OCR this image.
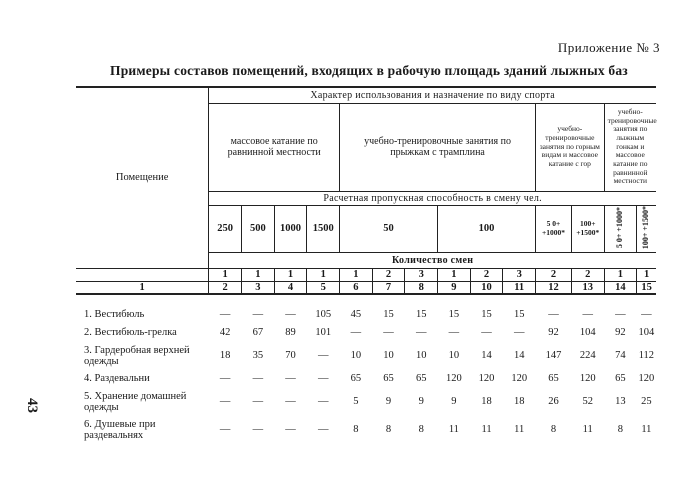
Приложение № 3
Примеры составов помещений, входящих в рабочую площадь зданий лыжных баз
43
Помещение	Характер использования и назначение по виду спорта													
	массовое катание по равнинной местности				учебно-тренировочные занятия по прыжкам с трамплина						учебно-тренировочные занятия по горным видам и массовое катание с гор		учебно-тренировочные занятия по лыжным гонкам и массовое катание по равнинной местности	
	Расчетная пропускная способность в смену чел.													
	250	500	1000	1500	50			100			5 0+ +1000*	100+ +1500*	5 0+ +1000*	100+ +1500*
	Количество смен													
	1	1	1	1	1	2	3	1	2	3	2	2	1	1
1	2	3	4	5	6	7	8	9	10	11	12	13	14	15

1. Вестибюль	—	—	—	105	45	15	15	15	15	15	—	—	—	—
2. Вестибюль-грелка	42	67	89	101	—	—	—	—	—	—	92	104	92	104
3. Гардеробная верхней одежды	18	35	70	—	10	10	10	10	14	14	147	224	74	112
4. Раздевальни	—	—	—	—	65	65	65	120	120	120	65	120	65	120
5. Хранение домашней одежды	—	—	—	—	5	9	9	9	18	18	26	52	13	25
6. Душевые при раздевальнях	—	—	—	—	8	8	8	11	11	11	8	11	8	11
